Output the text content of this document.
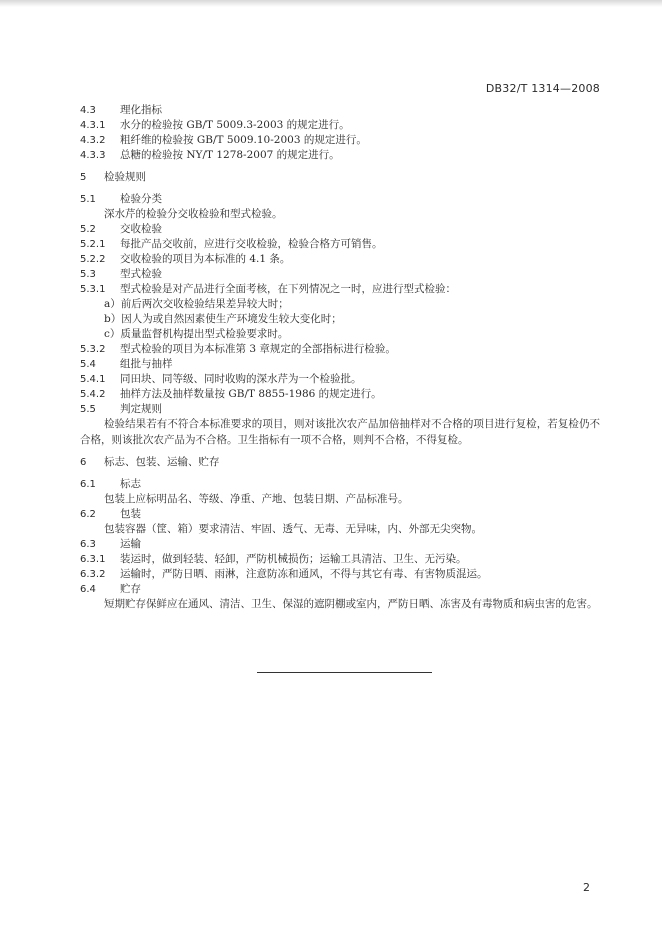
DB32/T 1314—2008
4.3 理化指标
4.3.1 水分的检验按 GB/T 5009.3-2003 的规定进行。
4.3.2 粗纤维的检验按 GB/T 5009.10-2003 的规定进行。
4.3.3 总糖的检验按 NY/T 1278-2007 的规定进行。
5 检验规则
5.1 检验分类
深水芹的检验分交收检验和型式检验。
5.2 交收检验
5.2.1 每批产品交收前，应进行交收检验，检验合格方可销售。
5.2.2 交收检验的项目为本标准的 4.1 条。
5.3 型式检验
5.3.1 型式检验是对产品进行全面考核，在下列情况之一时，应进行型式检验：
a）前后两次交收检验结果差异较大时；
b）因人为或自然因素使生产环境发生较大变化时；
c）质量监督机构提出型式检验要求时。
5.3.2 型式检验的项目为本标准第 3 章规定的全部指标进行检验。
5.4 组批与抽样
5.4.1 同田块、同等级、同时收购的深水芹为一个检验批。
5.4.2 抽样方法及抽样数量按 GB/T 8855-1986 的规定进行。
5.5 判定规则

检验结果若有不符合本标准要求的项目，则对该批次农产品加倍抽样对不合格的项目进行复检，若复检仍不合格，则该批次农产品为不合格。卫生指标有一项不合格，则判不合格，不得复检。

6 标志、包装、运输、贮存
6.1 标志
包装上应标明品名、等级、净重、产地、包装日期、产品标准号。
6.2 包装
包装容器（筐、箱）要求清洁、牢固、透气、无毒、无异味，内、外部无尖突物。
6.3 运输
6.3.1 装运时，做到轻装、轻卸，严防机械损伤；运输工具清洁、卫生、无污染。
6.3.2 运输时，严防日晒、雨淋，注意防冻和通风，不得与其它有毒、有害物质混运。
6.4 贮存

短期贮存保鲜应在通风、清洁、卫生、保湿的遮阴棚或室内，严防日晒、冻害及有毒物质和病虫害的危害。

2
